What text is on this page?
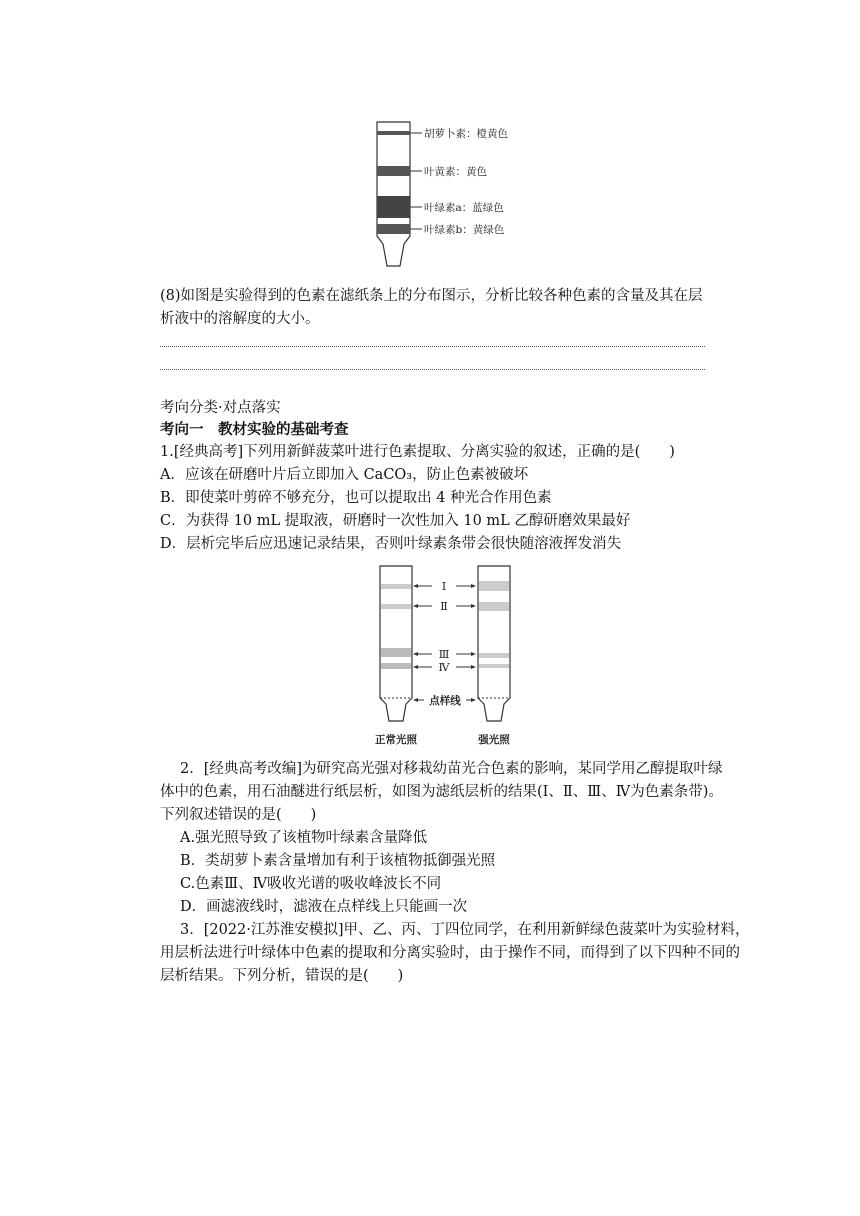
胡萝卜素：橙黄色
叶黄素：黄色
叶绿素a：蓝绿色
叶绿素b：黄绿色
(8)如图是实验得到的色素在滤纸条上的分布图示，分析比较各种色素的含量及其在层
析液中的溶解度的大小。
考向分类·对点落实
考向一　教材实验的基础考查
1.[经典高考]下列用新鲜菠菜叶进行色素提取、分离实验的叙述，正确的是(　　)
A．应该在研磨叶片后立即加入 CaCO₃，防止色素被破坏
B．即使菜叶剪碎不够充分，也可以提取出 4 种光合作用色素
C．为获得 10 mL 提取液，研磨时一次性加入 10 mL 乙醇研磨效果最好
D．层析完毕后应迅速记录结果，否则叶绿素条带会很快随溶液挥发消失
Ⅰ
Ⅱ
Ⅲ
Ⅳ
点样线
正常光照	强光照
2．[经典高考改编]为研究高光强对移栽幼苗光合色素的影响，某同学用乙醇提取叶绿
体中的色素，用石油醚进行纸层析，如图为滤纸层析的结果(Ⅰ、Ⅱ、Ⅲ、Ⅳ为色素条带)。
下列叙述错误的是(　　)
A.强光照导致了该植物叶绿素含量降低
B．类胡萝卜素含量增加有利于该植物抵御强光照
C.色素Ⅲ、Ⅳ吸收光谱的吸收峰波长不同
D．画滤液线时，滤液在点样线上只能画一次
3．[2022·江苏淮安模拟]甲、乙、丙、丁四位同学，在利用新鲜绿色菠菜叶为实验材料，
用层析法进行叶绿体中色素的提取和分离实验时，由于操作不同，而得到了以下四种不同的
层析结果。下列分析，错误的是(　　)
